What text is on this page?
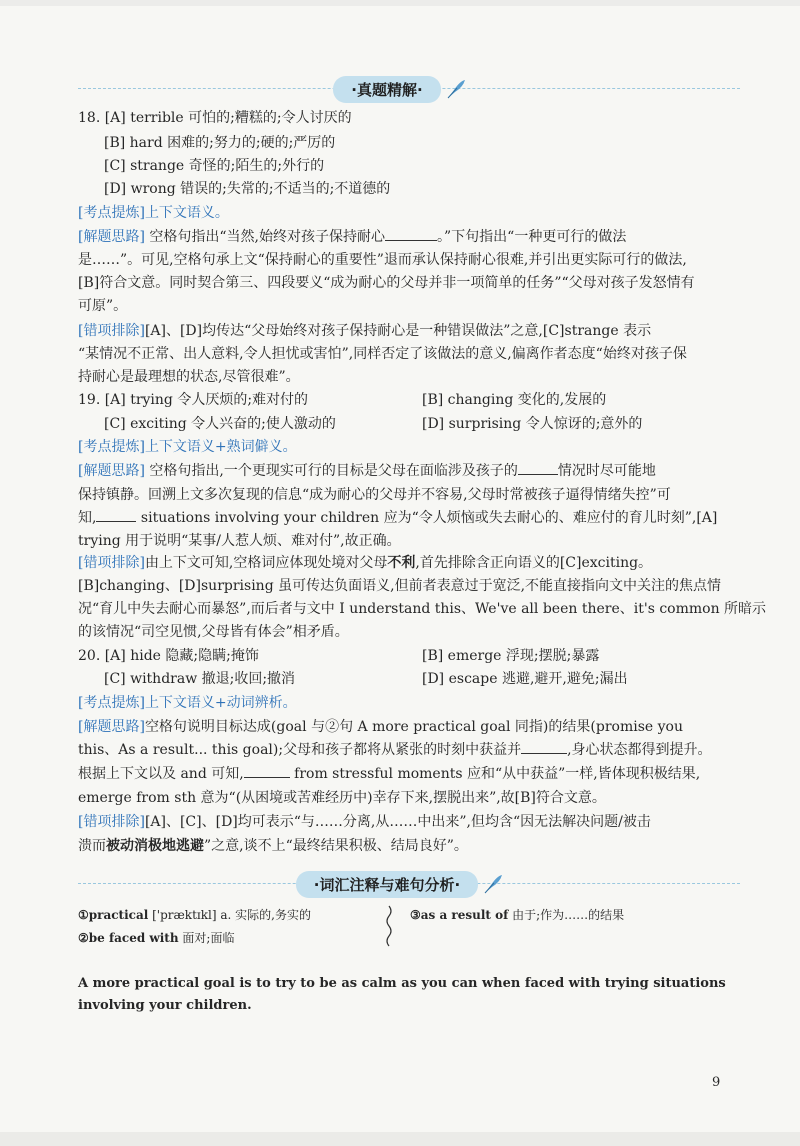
·真题精解·
18. [A] terrible 可怕的;糟糕的;令人讨厌的
[B] hard 困难的;努力的;硬的;严厉的
[C] strange 奇怪的;陌生的;外行的
[D] wrong 错误的;失常的;不适当的;不道德的
[考点提炼]上下文语义。
[解题思路] 空格句指出“当然,始终对孩子保持耐心	。”下句指出“一种更可行的做法
是……”。可见,空格句承上文“保持耐心的重要性”退而承认保持耐心很难,并引出更实际可行的做法,
[B]符合文意。同时契合第三、四段要义“成为耐心的父母并非一项简单的任务”“父母对孩子发怒情有
可原”。
[错项排除][A]、[D]均传达“父母始终对孩子保持耐心是一种错误做法”之意,[C]strange 表示
“某情况不正常、出人意料,令人担忧或害怕”,同样否定了该做法的意义,偏离作者态度“始终对孩子保
持耐心是最理想的状态,尽管很难”。
19. [A] trying 令人厌烦的;难对付的	[B] changing 变化的,发展的
[C] exciting 令人兴奋的;使人激动的	[D] surprising 令人惊讶的;意外的
[考点提炼]上下文语义+熟词僻义。
[解题思路] 空格句指出,一个更现实可行的目标是父母在面临涉及孩子的	情况时尽可能地
保持镇静。回溯上文多次复现的信息“成为耐心的父母并不容易,父母时常被孩子逼得情绪失控”可
知,	situations involving your children 应为“令人烦恼或失去耐心的、难应付的育儿时刻”,[A]
trying 用于说明“某事/人惹人烦、难对付”,故正确。
[错项排除]由上下文可知,空格词应体现处境对父母不利,首先排除含正向语义的[C]exciting。
[B]changing、[D]surprising 虽可传达负面语义,但前者表意过于宽泛,不能直接指向文中关注的焦点情
况“育儿中失去耐心而暴怒”,而后者与文中 I understand this、We've all been there、it's common 所暗示
的该情况“司空见惯,父母皆有体会”相矛盾。
20. [A] hide 隐藏;隐瞒;掩饰	[B] emerge 浮现;摆脱;暴露
[C] withdraw 撤退;收回;撤消	[D] escape 逃避,避开,避免;漏出
[考点提炼]上下文语义+动词辨析。
[解题思路]空格句说明目标达成(goal 与②句 A more practical goal 同指)的结果(promise you
this、As a result... this goal);父母和孩子都将从紧张的时刻中获益并	,身心状态都得到提升。
根据上下文以及 and 可知,	from stressful moments 应和“从中获益”一样,皆体现积极结果,
emerge from sth 意为“(从困境或苦难经历中)幸存下来,摆脱出来”,故[B]符合文意。
[错项排除][A]、[C]、[D]均可表示“与……分离,从……中出来”,但均含“因无法解决问题/被击
溃而被动消极地逃避”之意,谈不上“最终结果积极、结局良好”。
·词汇注释与难句分析·
①practical ['præktɪkl] a. 实际的,务实的
②be faced with 面对;面临
③as a result of 由于;作为……的结果
A more practical goal is to try to be as calm as you can when faced with trying situations involving your children.
9
